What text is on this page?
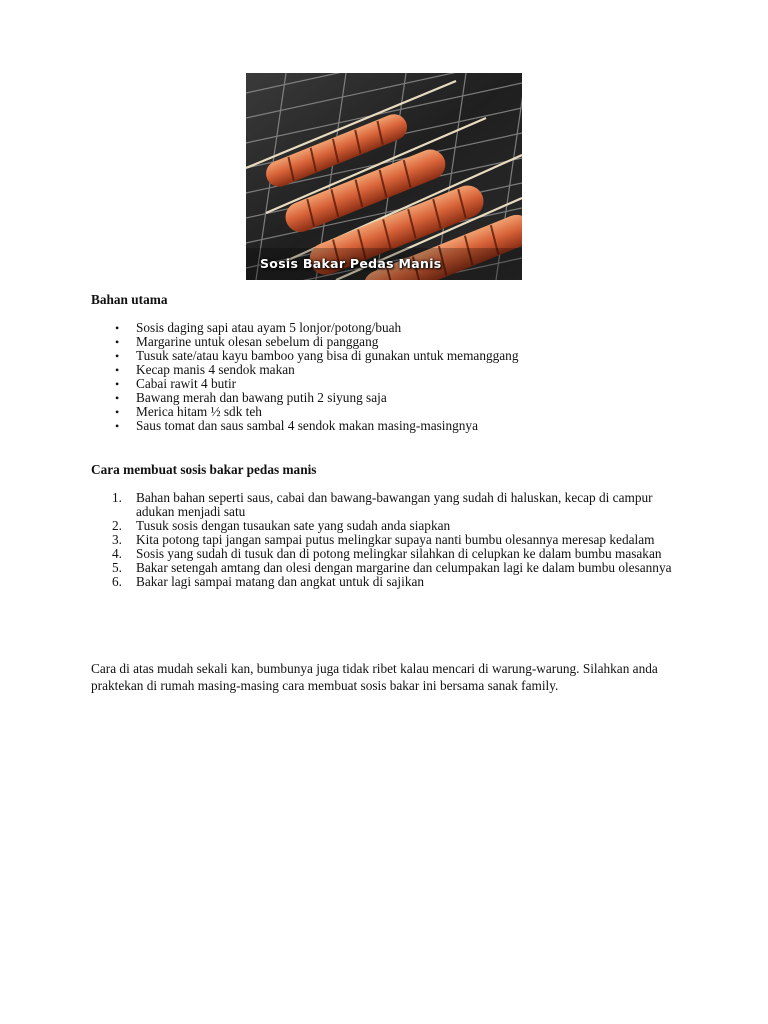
Sosis Bakar Pedas Manis
Bahan utama
• Sosis daging sapi atau ayam 5 lonjor/potong/buah
• Margarine untuk olesan sebelum di panggang
• Tusuk sate/atau kayu bamboo yang bisa di gunakan untuk memanggang
• Kecap manis 4 sendok makan
• Cabai rawit 4 butir
• Bawang merah dan bawang putih 2 siyung saja
• Merica hitam ½ sdk teh
• Saus tomat dan saus sambal 4 sendok makan masing-masingnya
Cara membuat sosis bakar pedas manis
1. Bahan bahan seperti saus, cabai dan bawang-bawangan yang sudah di haluskan, kecap di campur adukan menjadi satu
2. Tusuk sosis dengan tusaukan sate yang sudah anda siapkan
3. Kita potong tapi jangan sampai putus melingkar supaya nanti bumbu olesannya meresap kedalam
4. Sosis yang sudah di tusuk dan di potong melingkar silahkan di celupkan ke dalam bumbu masakan
5. Bakar setengah amtang dan olesi dengan margarine dan celumpakan lagi ke dalam bumbu olesannya
6. Bakar lagi sampai matang dan angkat untuk di sajikan

Cara di atas mudah sekali kan, bumbunya juga tidak ribet kalau mencari di warung-warung. Silahkan anda praktekan di rumah masing-masing cara membuat sosis bakar ini bersama sanak family.
